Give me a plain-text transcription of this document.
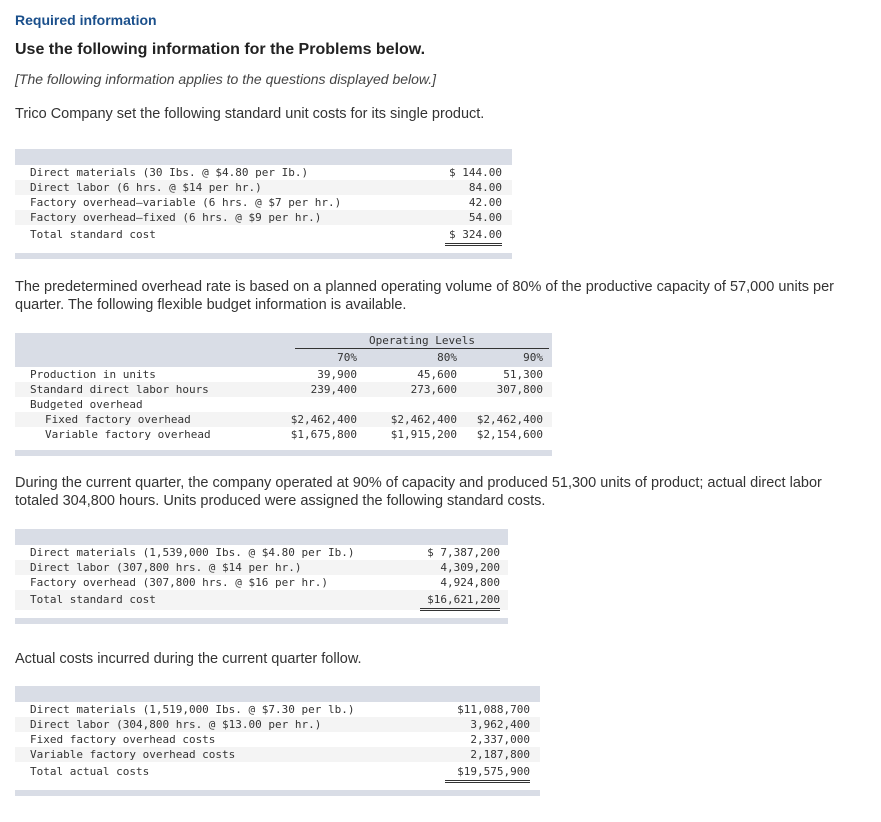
Required information
Use the following information for the Problems below.
[The following information applies to the questions displayed below.]
Trico Company set the following standard unit costs for its single product.
Direct materials (30 Ibs. @ $4.80 per Ib.)	$ 144.00
Direct labor (6 hrs. @ $14 per hr.)	84.00
Factory overhead—variable (6 hrs. @ $7 per hr.)	42.00
Factory overhead—fixed (6 hrs. @ $9 per hr.)	54.00
Total standard cost	$ 324.00
The predetermined overhead rate is based on a planned operating volume of 80% of the productive capacity of 57,000 units per quarter. The following flexible budget information is available.
Operating Levels
70%	80%	90%
Production in units	39,900	45,600	51,300
Standard direct labor hours	239,400	273,600	307,800
Budgeted overhead
Fixed factory overhead	$2,462,400	$2,462,400	$2,462,400
Variable factory overhead	$1,675,800	$1,915,200	$2,154,600
During the current quarter, the company operated at 90% of capacity and produced 51,300 units of product; actual direct labor totaled 304,800 hours. Units produced were assigned the following standard costs.
Direct materials (1,539,000 Ibs. @ $4.80 per Ib.)	$ 7,387,200
Direct labor (307,800 hrs. @ $14 per hr.)	4,309,200
Factory overhead (307,800 hrs. @ $16 per hr.)	4,924,800
Total standard cost	$16,621,200
Actual costs incurred during the current quarter follow.
Direct materials (1,519,000 Ibs. @ $7.30 per lb.)	$11,088,700
Direct labor (304,800 hrs. @ $13.00 per hr.)	3,962,400
Fixed factory overhead costs	2,337,000
Variable factory overhead costs	2,187,800
Total actual costs	$19,575,900
